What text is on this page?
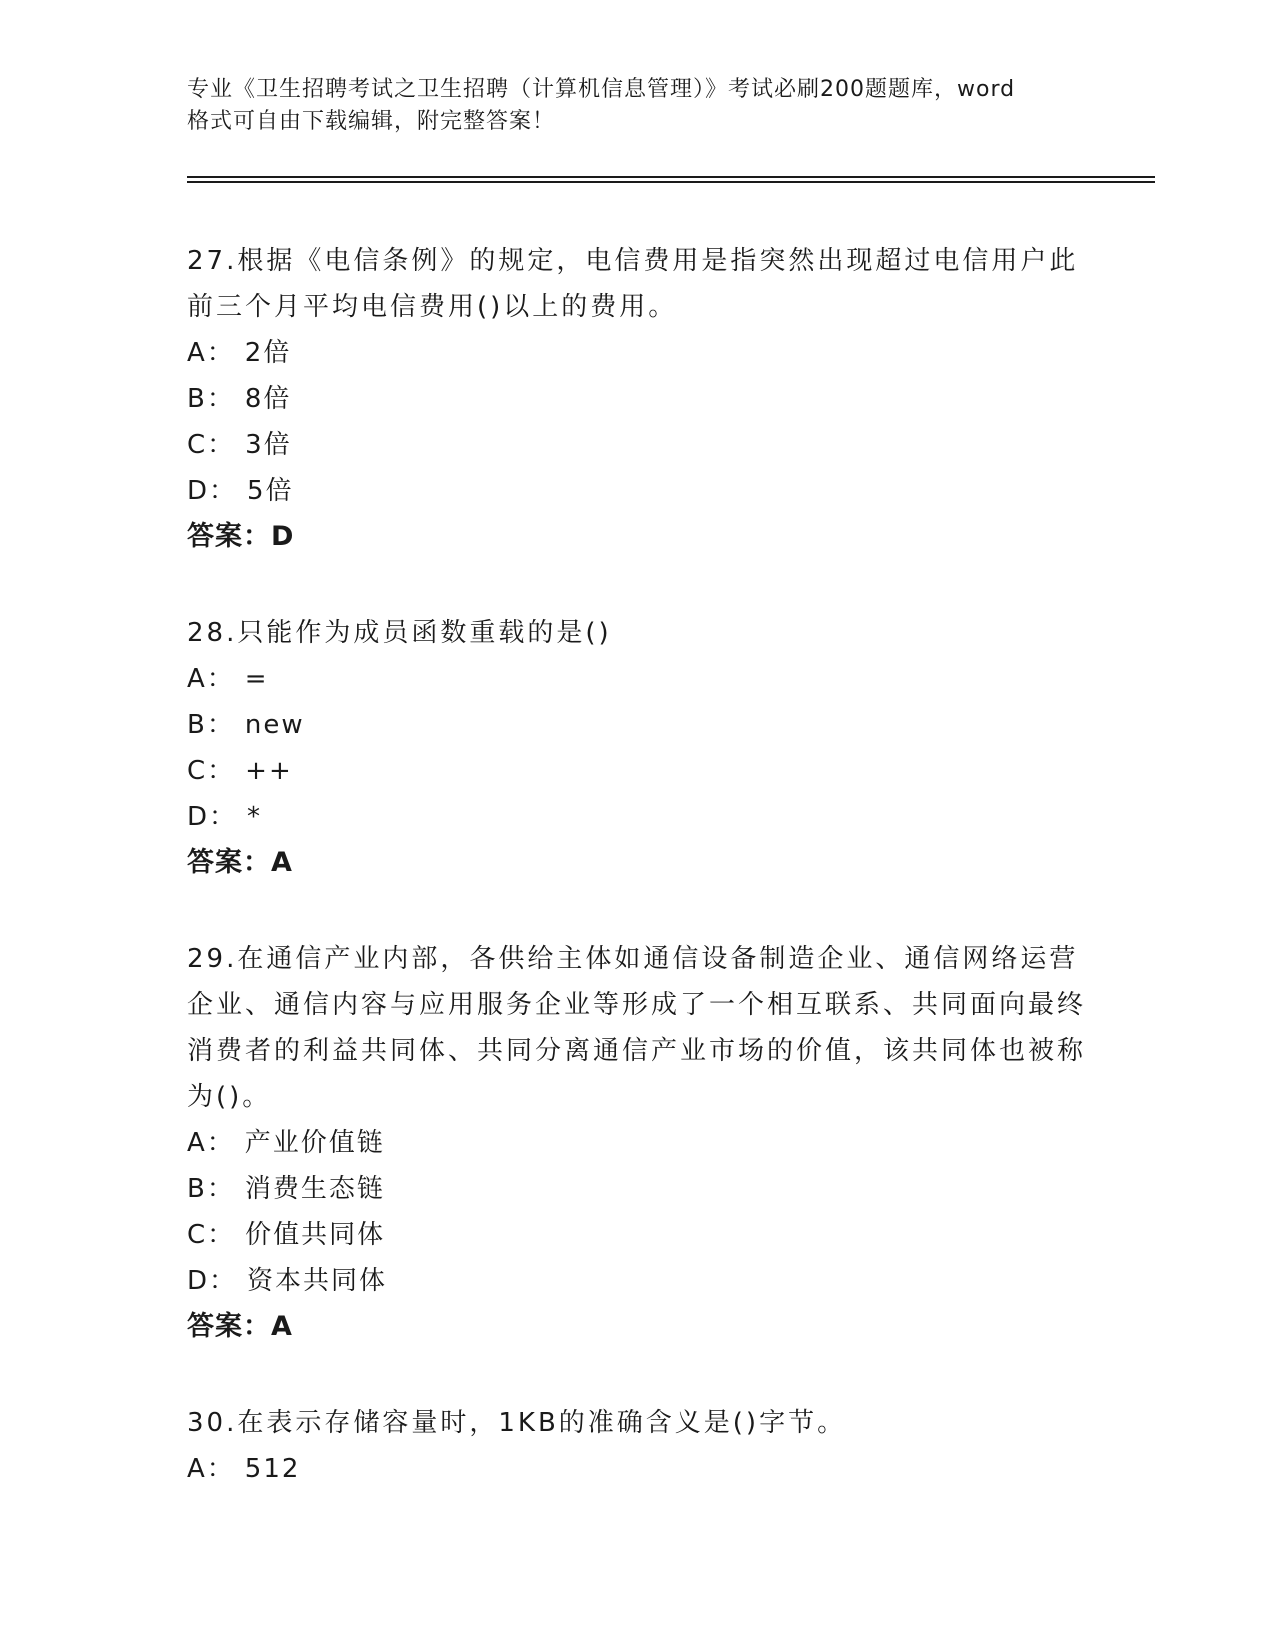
专业《卫生招聘考试之卫生招聘（计算机信息管理）》考试必刷200题题库，word
格式可自由下载编辑，附完整答案！

27.根据《电信条例》的规定，电信费用是指突然出现超过电信用户此前三个月平均电信费用()以上的费用。

A： 2倍

B： 8倍

C： 3倍

D： 5倍

答案：D

28.只能作为成员函数重载的是()

A： =

B： new

C： ++

D： *

答案：A

29.在通信产业内部，各供给主体如通信设备制造企业、通信网络运营企业、通信内容与应用服务企业等形成了一个相互联系、共同面向最终消费者的利益共同体、共同分离通信产业市场的价值，该共同体也被称为()。

A： 产业价值链

B： 消费生态链

C： 价值共同体

D： 资本共同体

答案：A

30.在表示存储容量时，1KB的准确含义是()字节。

A： 512
